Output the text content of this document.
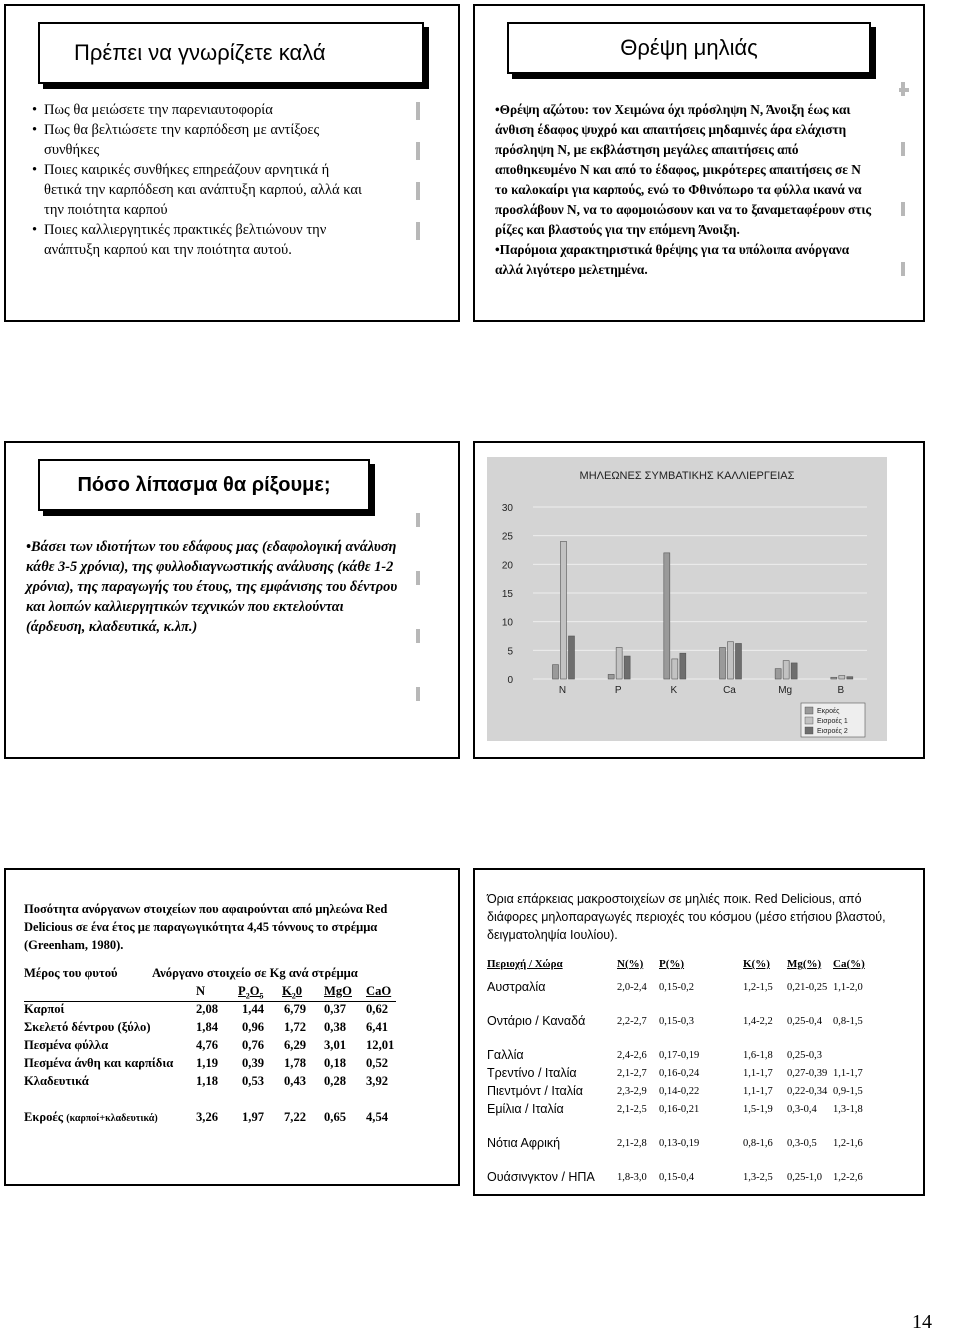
Πρέπει να γνωρίζετε καλά
• Πως θα μειώσετε την παρενιαυτοφορία
• Πως θα βελτιώσετε την καρπόδεση με αντίξοες συνθήκες
• Ποιες καιρικές συνθήκες επηρεάζουν αρνητικά ή θετικά την καρπόδεση και ανάπτυξη καρπού, αλλά και την ποιότητα καρπού
• Ποιες καλλιεργητικές πρακτικές βελτιώνουν την ανάπτυξη καρπού και την ποιότητα αυτού.
Θρέψη μηλιάς
•Θρέψη αζώτου: τον Χειμώνα όχι πρόσληψη Ν, Άνοιξη έως και άνθιση έδαφος ψυχρό και απαιτήσεις μηδαμινές άρα ελάχιστη πρόσληψη Ν, με εκβλάστηση μεγάλες απαιτήσεις από αποθηκευμένο Ν και από το έδαφος, μικρότερες απαιτήσεις σε Ν το καλοκαίρι για καρπούς, ενώ το Φθινόπωρο τα φύλλα ικανά να προσλάβουν Ν, να το αφομοιώσουν και να το ξαναμεταφέρουν στις ρίζες και βλαστούς για την επόμενη Άνοιξη.
•Παρόμοια χαρακτηριστικά θρέψης για τα υπόλοιπα ανόργανα αλλά λιγότερο μελετημένα.
Πόσο λίπασμα θα ρίξουμε;
•Βάσει των ιδιοτήτων του εδάφους μας (εδαφολογική ανάλυση κάθε 3-5 χρόνια), της φυλλοδιαγνωστικής ανάλυσης (κάθε 1-2 χρόνια), της παραγωγής του έτους, της εμφάνισης του δέντρου και λοιπών καλλιεργητικών τεχνικών που εκτελούνται (άρδευση, κλαδευτικά, κ.λπ.)
ΜΗΛΕΩΝΕΣ ΣΥΜΒΑΤΙΚΗΣ ΚΑΛΛΙΕΡΓΕΙΑΣ
0
5
10
15
20
25
30
N	P	K	Ca	Mg	B
Εκροές
Εισροές 1
Εισροές 2
Ποσότητα ανόργανων στοιχείων που αφαιρούνται από μηλεώνα Red Delicious σε ένα έτος με παραγωγικότητα 4,45 τόννους το στρέμμα (Greenham, 1980).
Μέρος του φυτού	Ανόργανο στοιχείο σε Kg ανά στρέμμα
N	$P_2O_5$ $K_20$ MgO CaO
Καρποί	2,08 1,44 6,79 0,37 0,62
Σκελετό δέντρου (ξύλο)	1,84 0,96 1,72 0,38 6,41
Πεσμένα φύλλα	4,76 0,76 6,29 3,01 12,01
Πεσμένα άνθη και καρπίδια 1,19 0,39 1,78 0,18 0,52
Κλαδευτικά	1,18 0,53 0,43 0,28 3,92
Εκροές (καρποί+κλαδευτικά)	3,26 1,97 7,22 0,65 4,54
Όρια επάρκειας μακροστοιχείων σε μηλιές ποικ. Red Delicious, από διάφορες μηλοπαραγωγές περιοχές του κόσμου (μέσο ετήσιου βλαστού, δειγματοληψία Ιουλίου).
Περιοχή / Χώρα	N(%) P(%)	K(%) Mg(%) Ca(%)
Αυστραλία	2,0-2,4 0,15-0,2	1,2-1,5 0,21-0,25 1,1-2,0
Οντάριο / Καναδά	2,2-2,7 0,15-0,3	1,4-2,2 0,25-0,4 0,8-1,5
Γαλλία	2,4-2,6 0,17-0,19	1,6-1,8 0,25-0,3
Τρεντίνο / Ιταλία	2,1-2,7 0,16-0,24	1,1-1,7 0,27-0,39 1,1-1,7
Πιεντμόντ / Ιταλία	2,3-2,9 0,14-0,22	1,1-1,7 0,22-0,34 0,9-1,5
Εμίλια / Ιταλία	2,1-2,5 0,16-0,21	1,5-1,9 0,3-0,4 1,3-1,8
Νότια Αφρική	2,1-2,8 0,13-0,19	0,8-1,6 0,3-0,5 1,2-1,6
Ουάσινγκτον / ΗΠΑ 1,8-3,0 0,15-0,4	1,3-2,5 0,25-1,0 1,2-2,6
14
